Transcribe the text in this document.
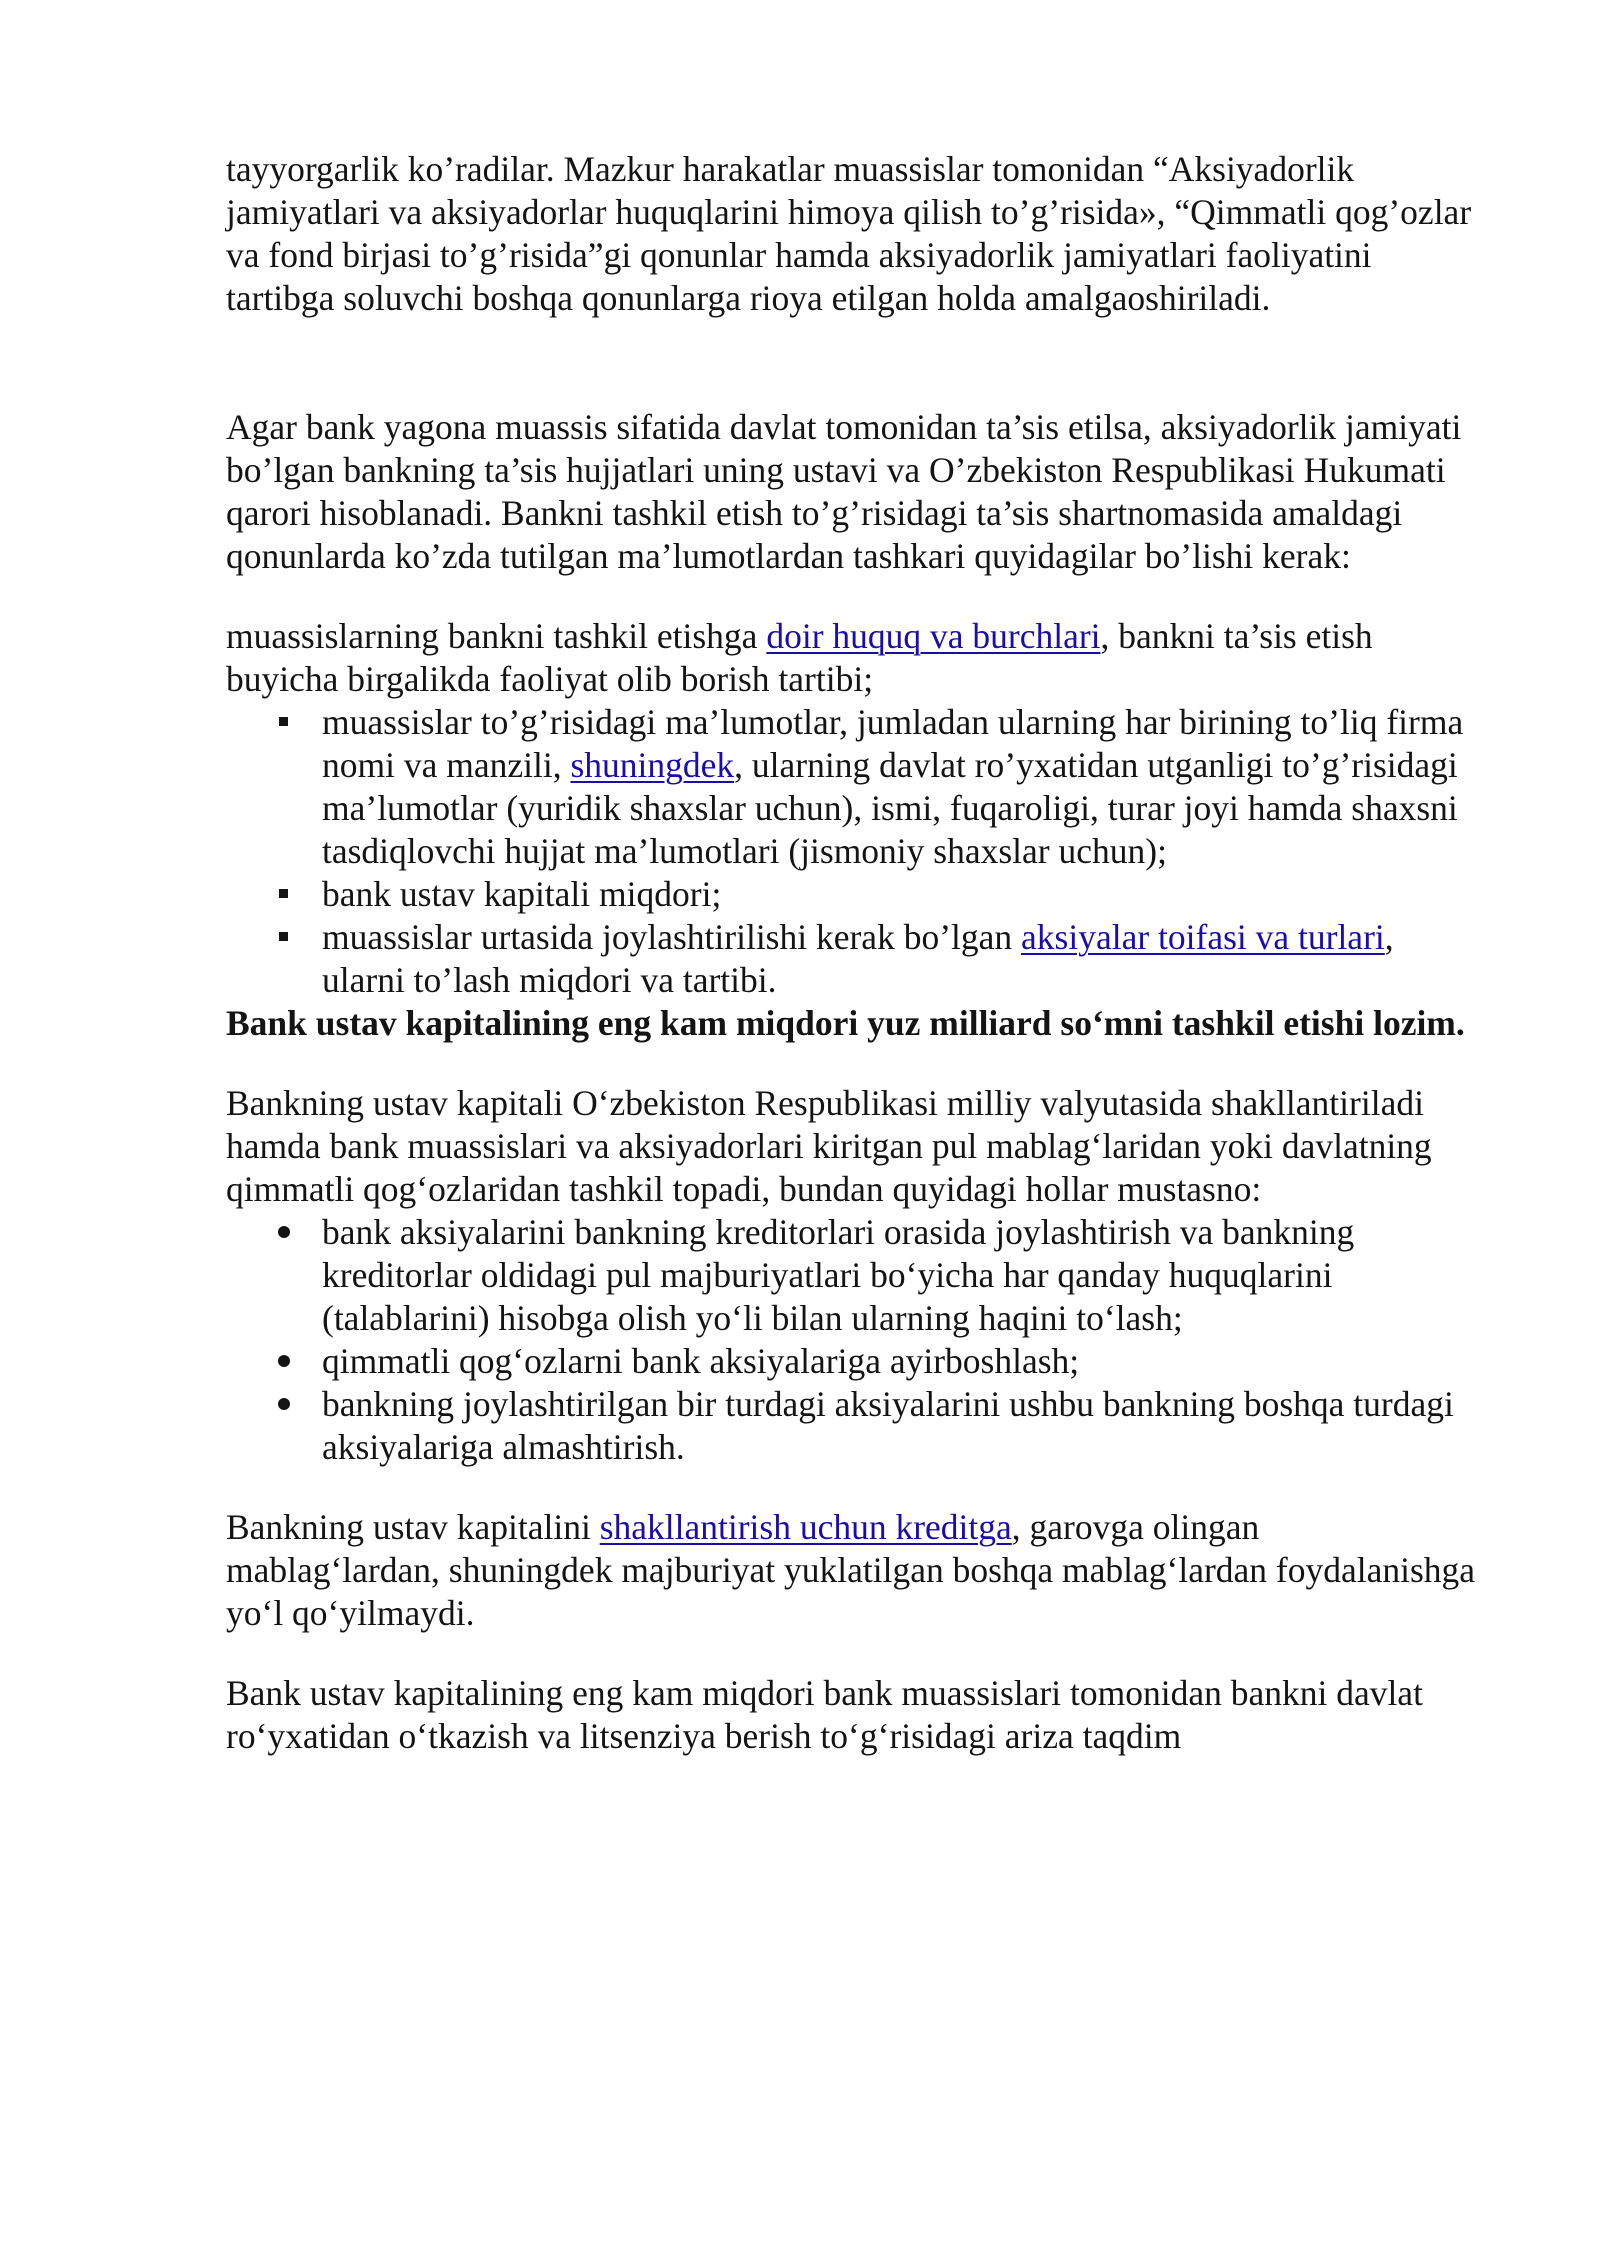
tayyorgarlik ko’radilar. Mazkur harakatlar muassislar tomonidan “Aksiyadorlik jamiyatlari va aksiyadorlar huquqlarini himoya qilish to’g’risida», “Qimmatli qog’ozlar va fond birjasi to’g’risida”gi qonunlar hamda aksiyadorlik jamiyatlari faoliyatini tartibga soluvchi boshqa qonunlarga rioya etilgan holda amalgaoshiriladi.

Agar bank yagona muassis sifatida davlat tomonidan ta’sis etilsa, aksiyadorlik jamiyati bo’lgan bankning ta’sis hujjatlari uning ustavi va O’zbekiston Respublikasi Hukumati qarori hisoblanadi. Bankni tashkil etish to’g’risidagi ta’sis shartnomasida amaldagi qonunlarda ko’zda tutilgan ma’lumotlardan tashkari quyidagilar bo’lishi kerak:

muassislarning bankni tashkil etishga doir huquq va burchlari, bankni ta’sis etish buyicha birgalikda faoliyat olib borish tartibi;

muassislar to’g’risidagi ma’lumotlar, jumladan ularning har birining to’liq firma nomi va manzili, shuningdek, ularning davlat ro’yxatidan utganligi to’g’risidagi ma’lumotlar (yuridik shaxslar uchun), ismi, fuqaroligi, turar joyi hamda shaxsni tasdiqlovchi hujjat ma’lumotlari (jismoniy shaxslar uchun);
bank ustav kapitali miqdori;
muassislar urtasida joylashtirilishi kerak bo’lgan aksiyalar toifasi va turlari, ularni to’lash miqdori va tartibi.

Bank ustav kapitalining eng kam miqdori yuz milliard so‘mni tashkil etishi lozim.

Bankning ustav kapitali O‘zbekiston Respublikasi milliy valyutasida shakllantiriladi hamda bank muassislari va aksiyadorlari kiritgan pul mablag‘laridan yoki davlatning qimmatli qog‘ozlaridan tashkil topadi, bundan quyidagi hollar mustasno:

bank aksiyalarini bankning kreditorlari orasida joylashtirish va bankning kreditorlar oldidagi pul majburiyatlari bo‘yicha har qanday huquqlarini (talablarini) hisobga olish yo‘li bilan ularning haqini to‘lash;
qimmatli qog‘ozlarni bank aksiyalariga ayirboshlash;
bankning joylashtirilgan bir turdagi aksiyalarini ushbu bankning boshqa turdagi aksiyalariga almashtirish.

Bankning ustav kapitalini shakllantirish uchun kreditga, garovga olingan mablag‘lardan, shuningdek majburiyat yuklatilgan boshqa mablag‘lardan foydalanishga yo‘l qo‘yilmaydi.

Bank ustav kapitalining eng kam miqdori bank muassislari tomonidan bankni davlat ro‘yxatidan o‘tkazish va litsenziya berish to‘g‘risidagi ariza taqdim
